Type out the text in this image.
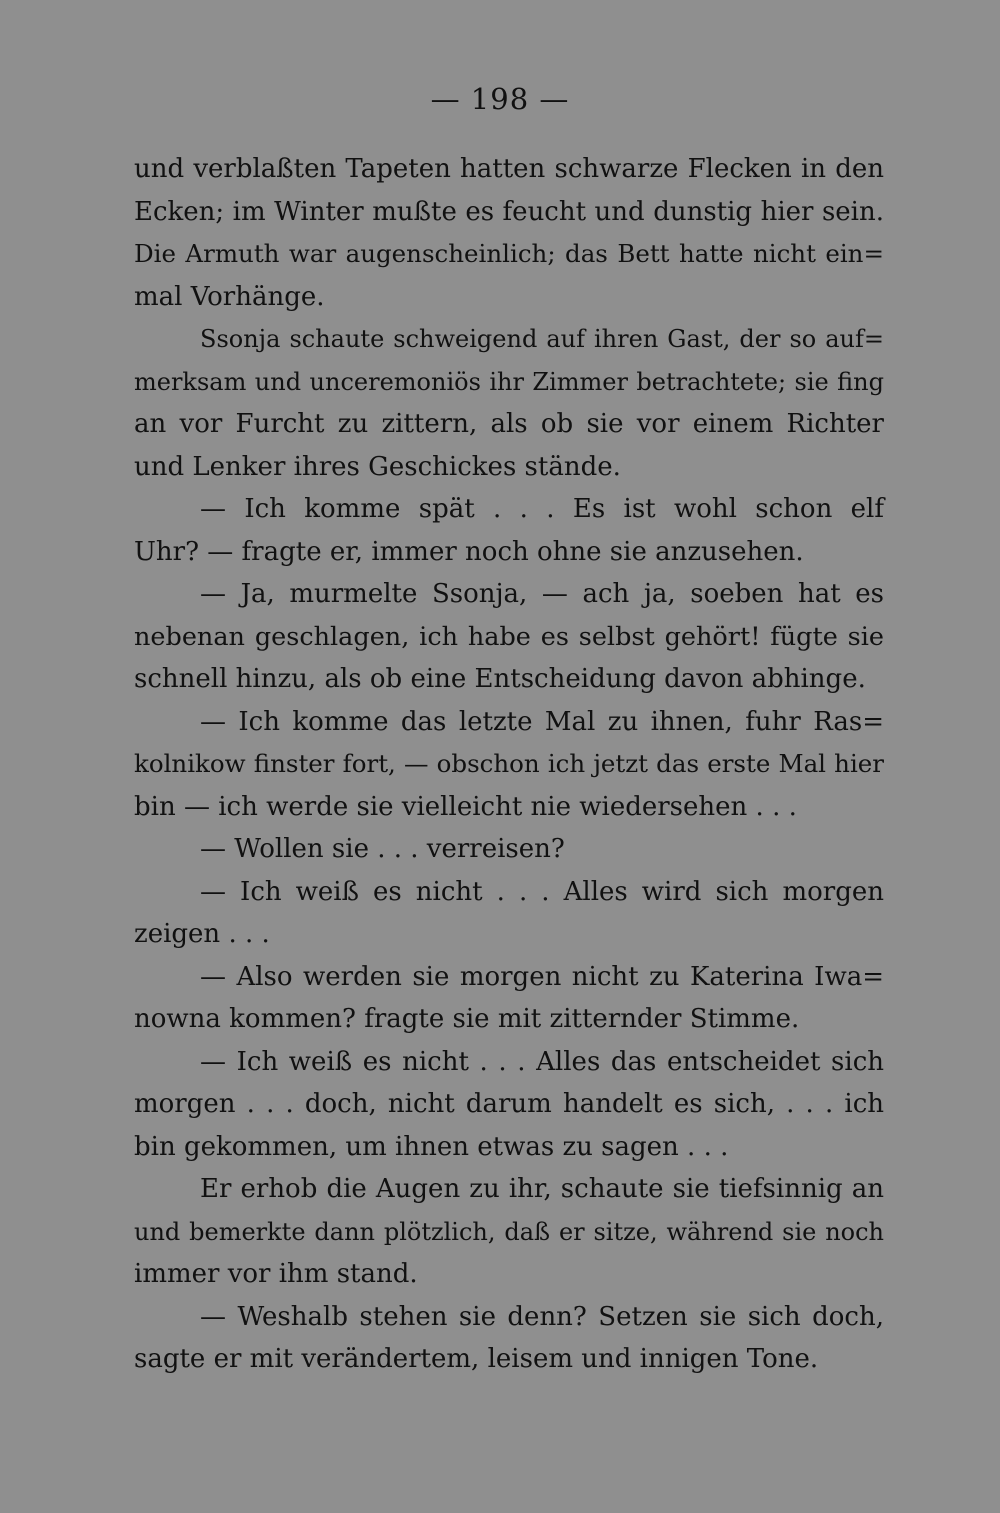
— 198 —
und verblaßten Tapeten hatten schwarze Flecken in den
Ecken; im Winter mußte es feucht und dunstig hier sein.
Die Armuth war augenscheinlich; das Bett hatte nicht ein=
mal Vorhänge.
Ssonja schaute schweigend auf ihren Gast, der so auf=
merksam und unceremoniös ihr Zimmer betrachtete; sie fing
an vor Furcht zu zittern, als ob sie vor einem Richter
und Lenker ihres Geschickes stände.
— Ich komme spät . . . Es ist wohl schon elf
Uhr? — fragte er, immer noch ohne sie anzusehen.
— Ja, murmelte Ssonja, — ach ja, soeben hat es
nebenan geschlagen, ich habe es selbst gehört! fügte sie
schnell hinzu, als ob eine Entscheidung davon abhinge.
— Ich komme das letzte Mal zu ihnen, fuhr Ras=
kolnikow finster fort, — obschon ich jetzt das erste Mal hier
bin — ich werde sie vielleicht nie wiedersehen . . .
— Wollen sie . . . verreisen?
— Ich weiß es nicht . . . Alles wird sich morgen
zeigen . . .
— Also werden sie morgen nicht zu Katerina Iwa=
nowna kommen? fragte sie mit zitternder Stimme.
— Ich weiß es nicht . . . Alles das entscheidet sich
morgen . . . doch, nicht darum handelt es sich, . . . ich
bin gekommen, um ihnen etwas zu sagen . . .
Er erhob die Augen zu ihr, schaute sie tiefsinnig an
und bemerkte dann plötzlich, daß er sitze, während sie noch
immer vor ihm stand.
— Weshalb stehen sie denn? Setzen sie sich doch,
sagte er mit verändertem, leisem und innigen Tone.
